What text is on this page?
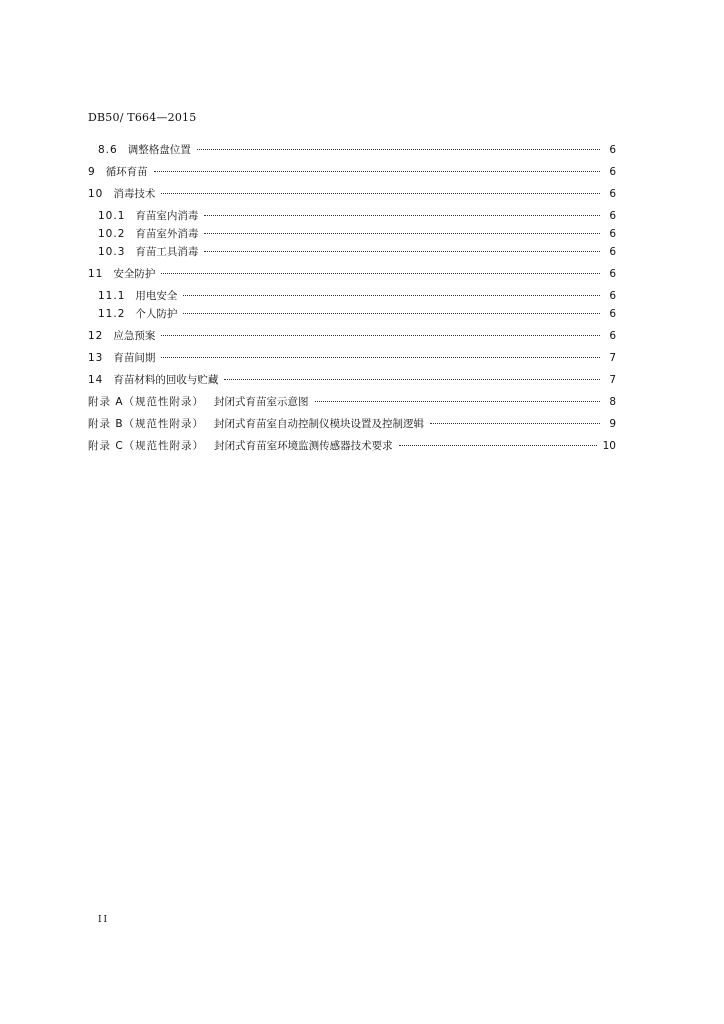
DB50/ T664—2015
8.6 调整格盘位置	6
9 循环育苗	6
10 消毒技术	6
10.1 育苗室内消毒	6
10.2 育苗室外消毒	6
10.3 育苗工具消毒	6
11 安全防护	6
11.1 用电安全	6
11.2 个人防护	6
12 应急预案	6
13 育苗间期	7
14 育苗材料的回收与贮藏	7
附录 A（规范性附录） 封闭式育苗室示意图	8
附录 B（规范性附录） 封闭式育苗室自动控制仪模块设置及控制逻辑	9
附录 C（规范性附录） 封闭式育苗室环境监测传感器技术要求	10
II
